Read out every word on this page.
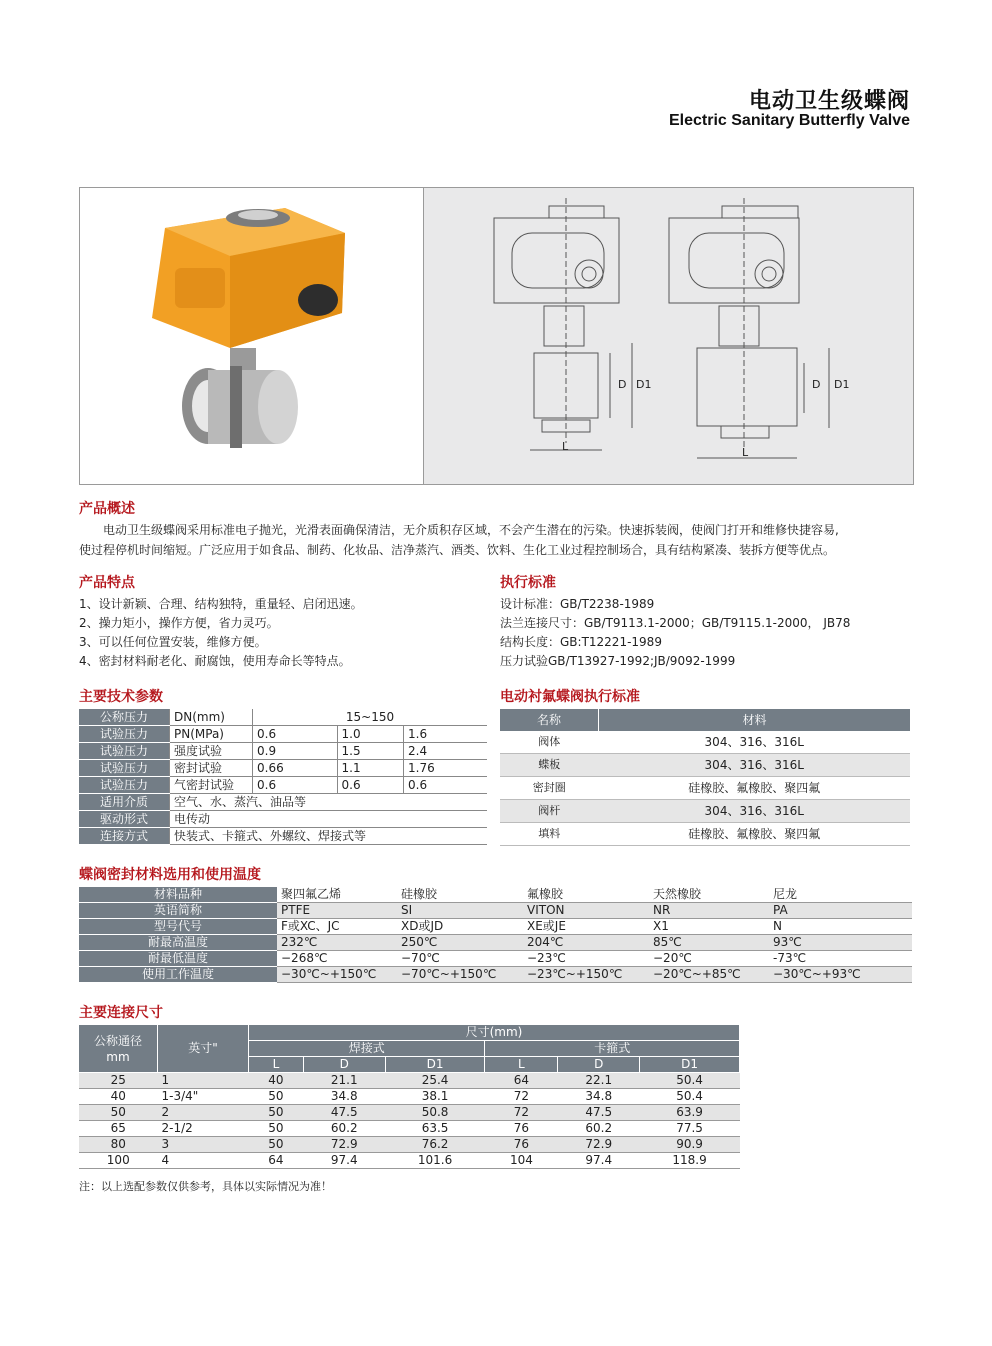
电动卫生级蝶阀
Electric Sanitary Butterfly Valve
D D1
L
D D1
L
产品概述
电动卫生级蝶阀采用标准电子抛光，光滑表面确保清洁，无介质积存区域，不会产生潜在的污染。快速拆装阀，使阀门打开和维修快捷容易,
使过程停机时间缩短。广泛应用于如食品、制药、化妆品、洁净蒸汽、酒类、饮料、生化工业过程控制场合，具有结构紧凑、装拆方便等优点。
产品特点
1、设计新颖、合理、结构独特，重量轻、启闭迅速。
2、操力矩小，操作方便，省力灵巧。
3、可以任何位置安装，维修方便。
4、密封材料耐老化、耐腐蚀，使用寿命长等特点。
执行标准
设计标准：GB/T2238-1989
法兰连接尺寸：GB/T9113.1-2000；GB/T9115.1-2000， JB78
结构长度：GB:T12221-1989
压力试验GB/T13927-1992;JB/9092-1999
主要技术参数
公称压力	DN(mm)	15~150		
试验压力	PN(MPa)	0.6	1.0	1.6
试验压力	强度试验	0.9	1.5	2.4
试验压力	密封试验	0.66	1.1	1.76
试验压力	气密封试验	0.6	0.6	0.6
适用介质	空气、水、蒸汽、油品等			
驱动形式	电传动			
连接方式	快装式、卡箍式、外螺纹、焊接式等			
电动衬氟蝶阀执行标准
名称	材料
阀体	304、316、316L
蝶板	304、316、316L
密封圈	硅橡胶、氟橡胶、聚四氟
阀杆	304、316、316L
填料	硅橡胶、氟橡胶、聚四氟
蝶阀密封材料选用和使用温度
材料品种	聚四氟乙烯	硅橡胶	氟橡胶	天然橡胶	尼龙
英语简称	PTFE	SI	VITON	NR	PA
型号代号	F或XC、JC	XD或JD	XE或JE	X1	N
耐最高温度	232℃	250℃	204℃	85℃	93℃
耐最低温度	−268℃	−70℃	−23℃	−20℃	-73℃
使用工作温度	−30℃~+150℃	−70℃~+150℃	−23℃~+150℃	−20℃~+85℃	−30℃~+93℃
主要连接尺寸
公称通径
mm	英寸"	尺寸(mm)					
		焊接式			卡箍式		
		L	D	D1	L	D	D1
25	1	40	21.1	25.4	64	22.1	50.4
40	1-3/4"	50	34.8	38.1	72	34.8	50.4
50	2	50	47.5	50.8	72	47.5	63.9
65	2-1/2	50	60.2	63.5	76	60.2	77.5
80	3	50	72.9	76.2	76	72.9	90.9
100	4	64	97.4	101.6	104	97.4	118.9
注：以上选配参数仅供参考，具体以实际情况为准！
